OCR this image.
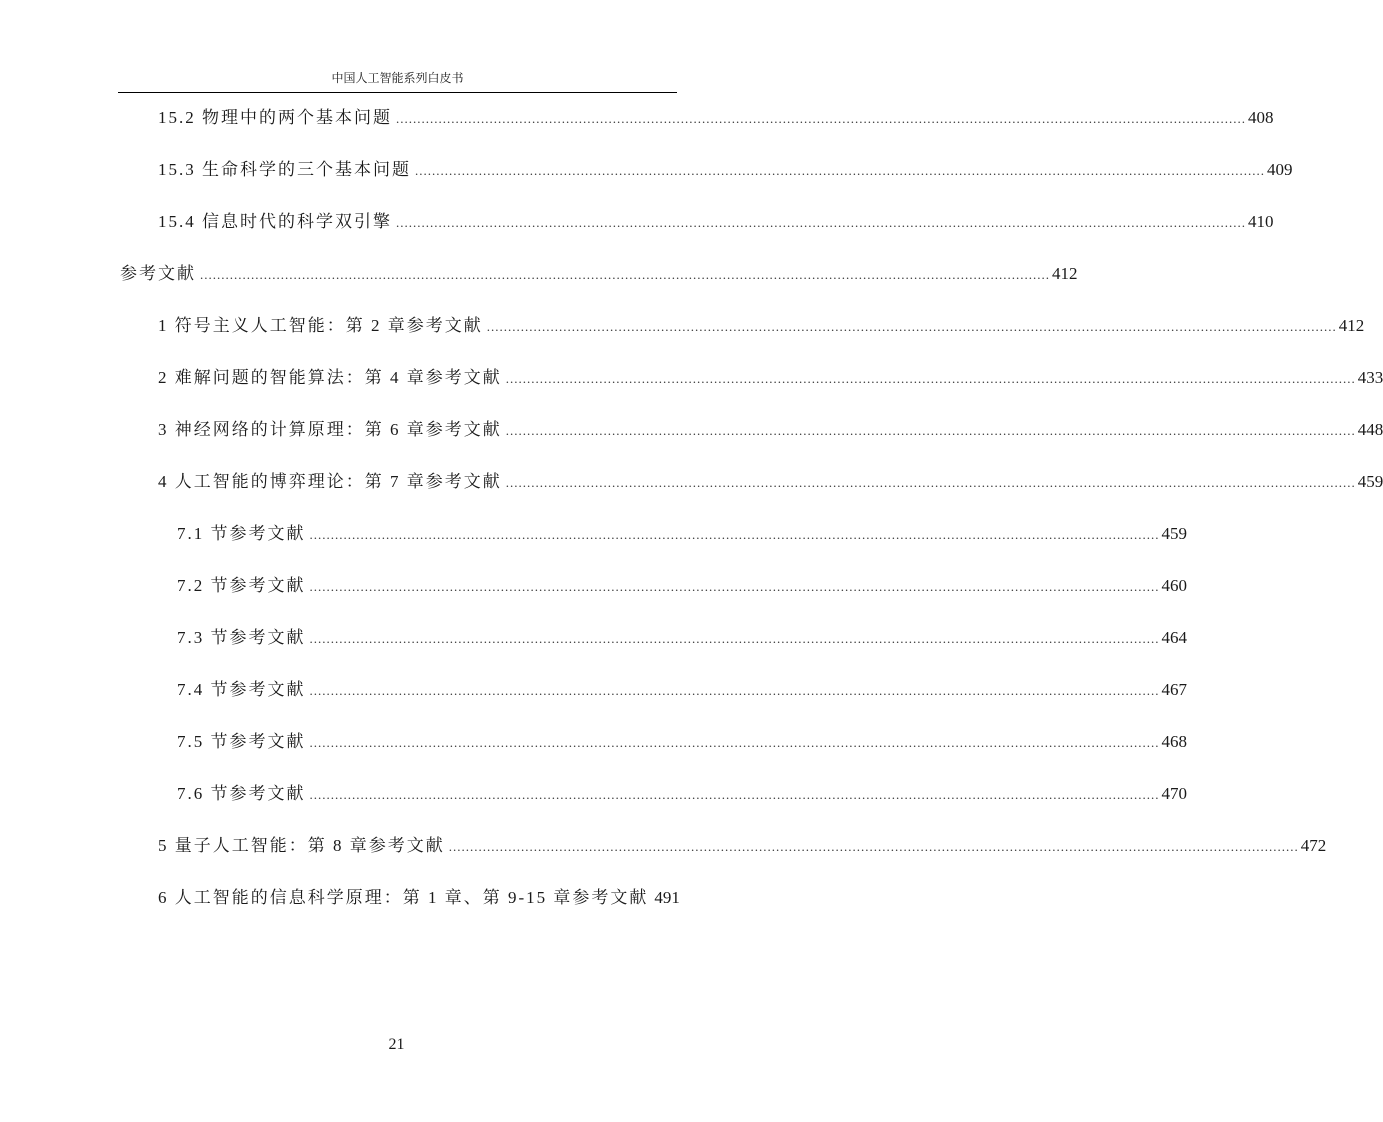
中国人工智能系列白皮书
15.2 物理中的两个基本问题 ........................................................................................................................................................................................................ 408
15.3 生命科学的三个基本问题 ........................................................................................................................................................................................................ 409
15.4 信息时代的科学双引擎 ........................................................................................................................................................................................................ 410
参考文献 ........................................................................................................................................................................................................ 412
1 符号主义人工智能：第 2 章参考文献 ........................................................................................................................................................................................................ 412
2 难解问题的智能算法：第 4 章参考文献 ........................................................................................................................................................................................................ 433
3 神经网络的计算原理：第 6 章参考文献 ........................................................................................................................................................................................................ 448
4 人工智能的博弈理论：第 7 章参考文献 ........................................................................................................................................................................................................ 459
7.1 节参考文献 ........................................................................................................................................................................................................ 459
7.2 节参考文献 ........................................................................................................................................................................................................ 460
7.3 节参考文献 ........................................................................................................................................................................................................ 464
7.4 节参考文献 ........................................................................................................................................................................................................ 467
7.5 节参考文献 ........................................................................................................................................................................................................ 468
7.6 节参考文献 ........................................................................................................................................................................................................ 470
5 量子人工智能：第 8 章参考文献 ........................................................................................................................................................................................................ 472
6 人工智能的信息科学原理：第 1 章、第 9-15 章参考文献 491
21
